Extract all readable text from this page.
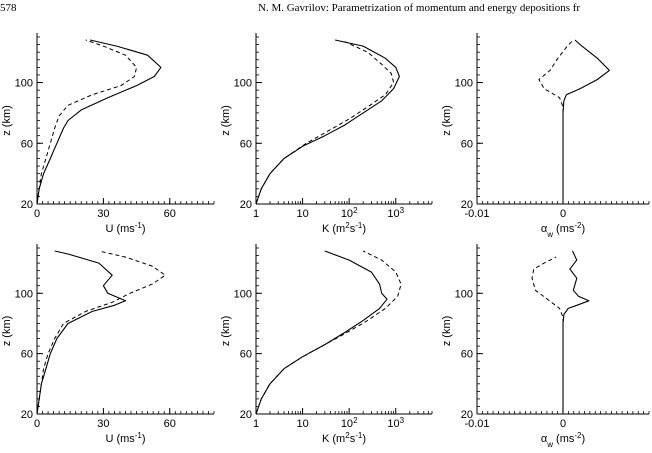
578	N. M. Gavrilov: Parametrization of momentum and energy depositions fr
0	30	60
20
60
100
U $(ms^{-1})$
z (km)
1	10	$10^2$	$10^3$
20
60
100
K $(m^2s^{-1})$
z (km)
-0.01	0
20
60
100
$\alpha_w$ $(ms^{-2})$
z (km)
0	30	60
20
60
100
U $(ms^{-1})$
z (km)
1	10	$10^2$	$10^3$
20
60
100
K $(m^2s^{-1})$
z (km)
-0.01	0
20
60
100
$\alpha_w$ $(ms^{-2})$
z (km)
